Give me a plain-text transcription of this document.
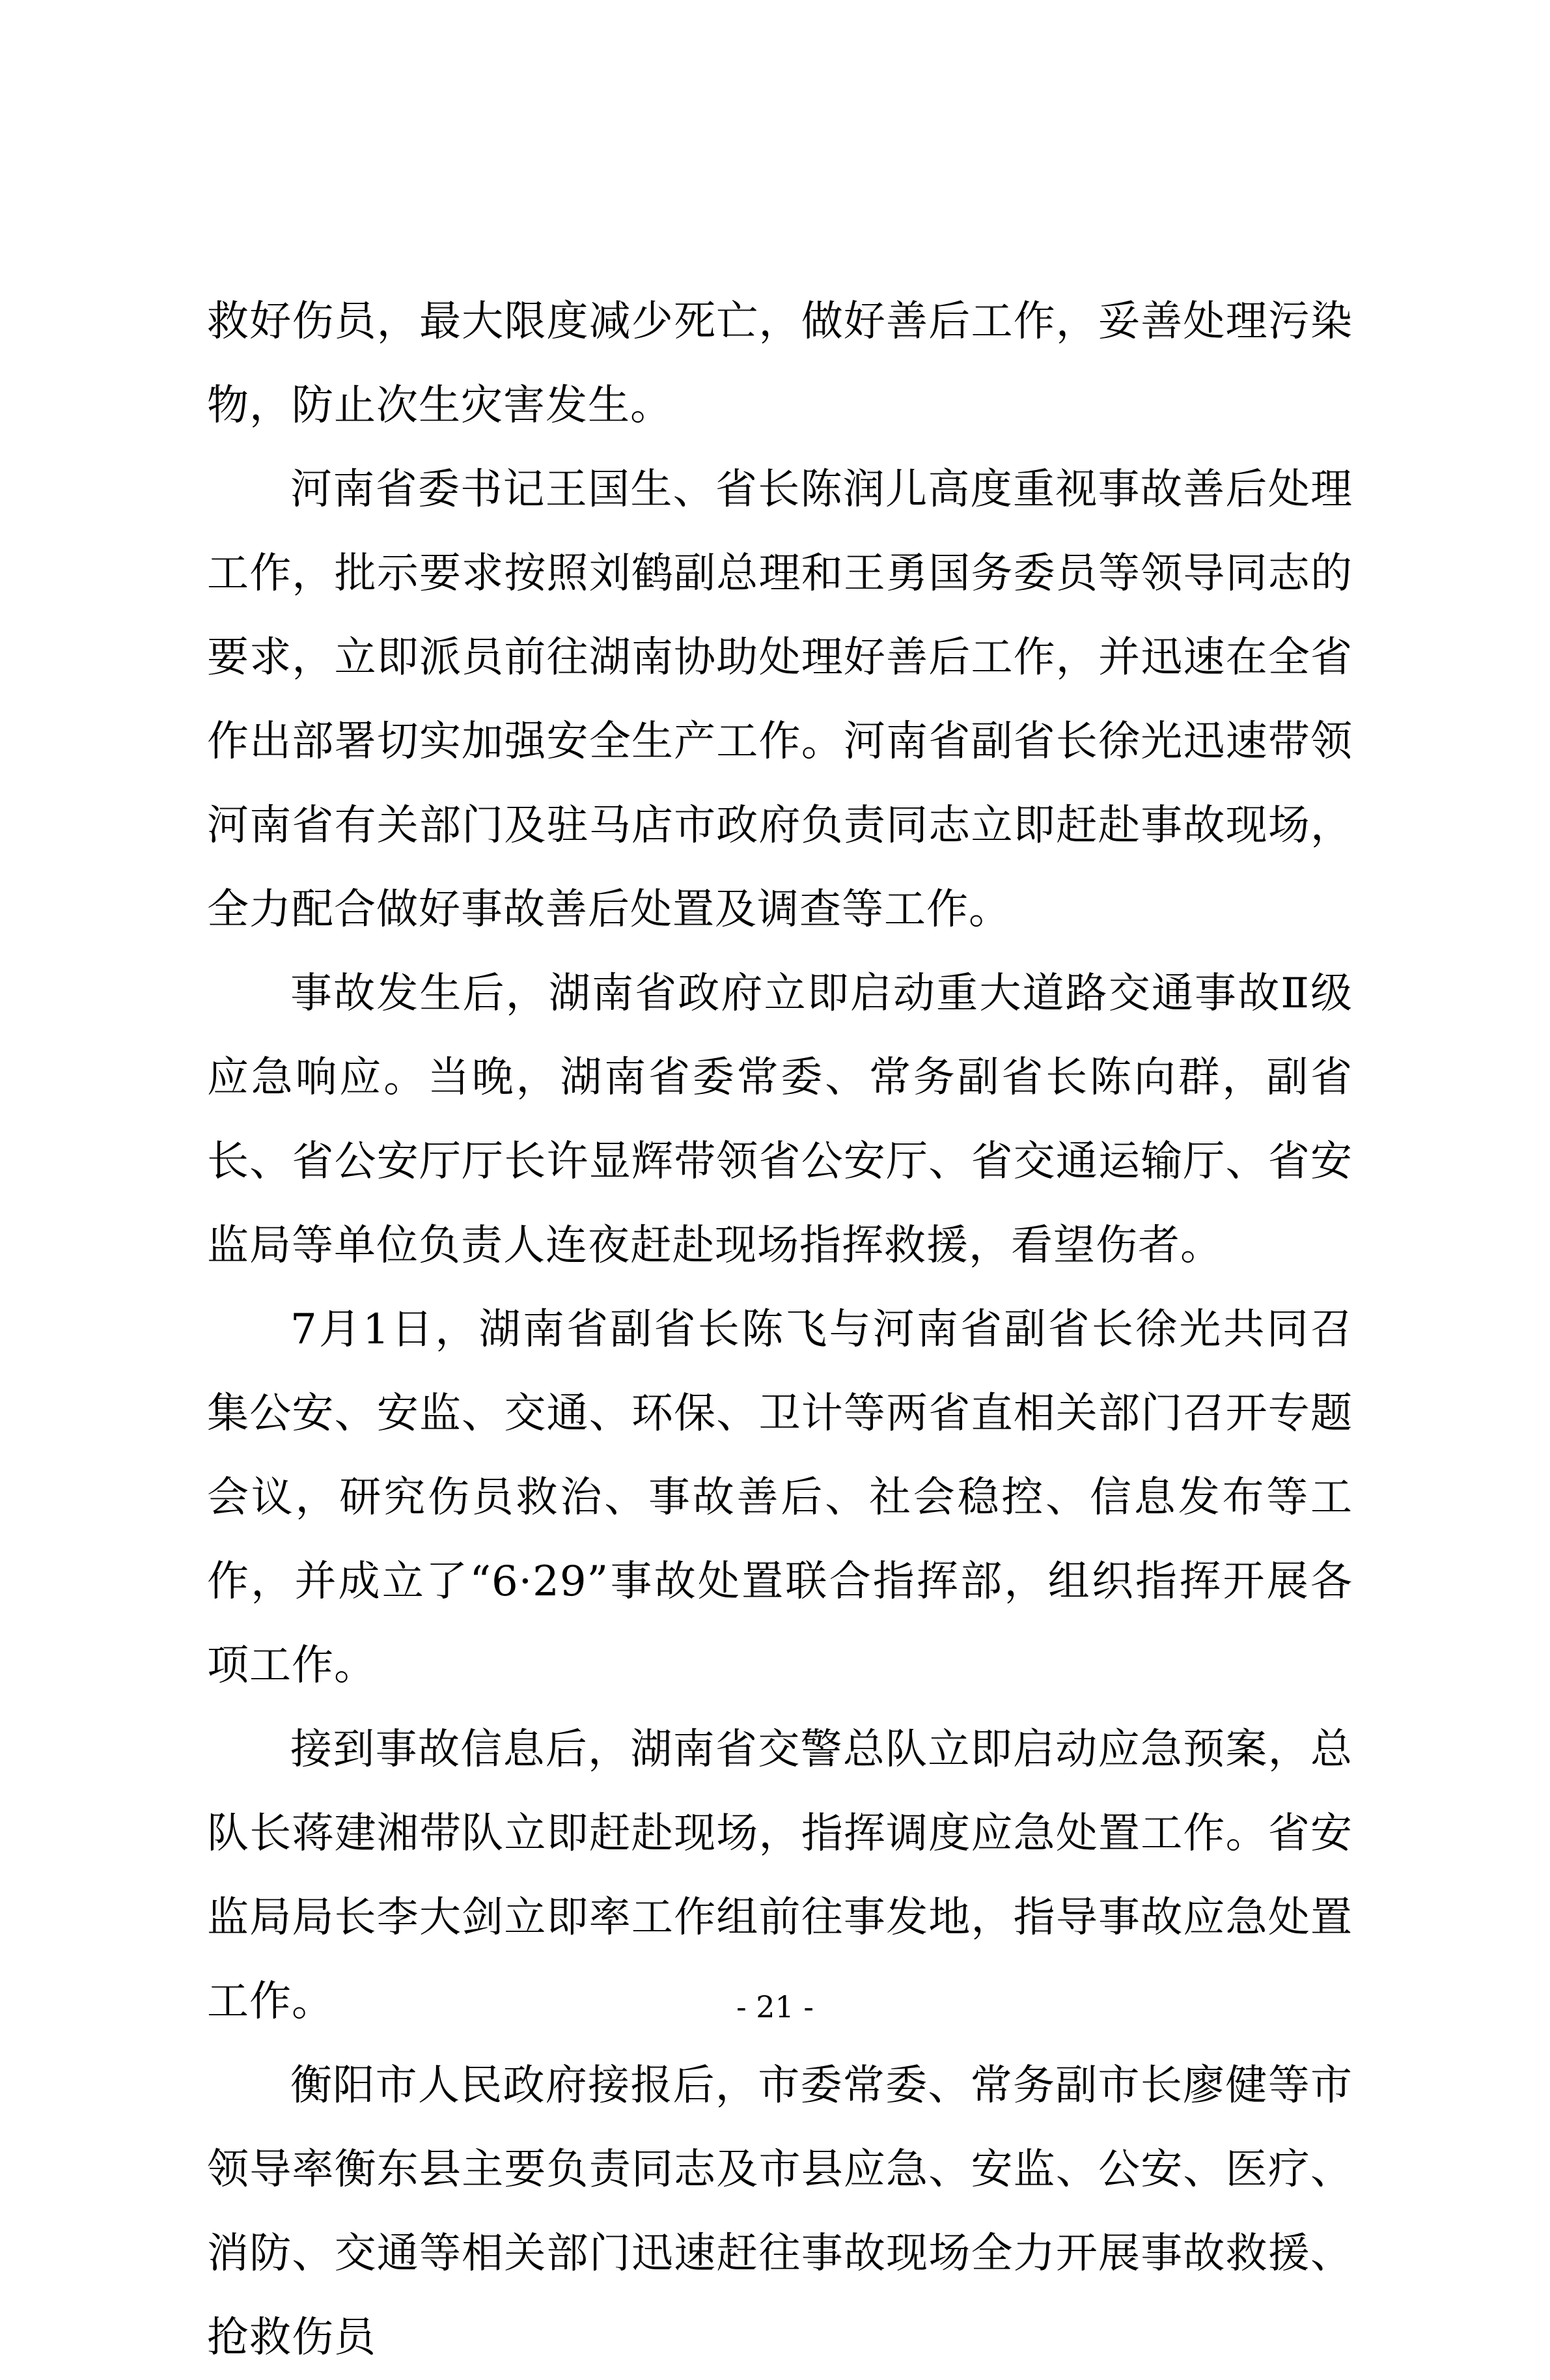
救好伤员，最大限度减少死亡，做好善后工作，妥善处理污染物，防止次生灾害发生。

河南省委书记王国生、省长陈润儿高度重视事故善后处理工作，批示要求按照刘鹤副总理和王勇国务委员等领导同志的要求，立即派员前往湖南协助处理好善后工作，并迅速在全省作出部署切实加强安全生产工作。河南省副省长徐光迅速带领河南省有关部门及驻马店市政府负责同志立即赶赴事故现场，全力配合做好事故善后处置及调查等工作。

事故发生后，湖南省政府立即启动重大道路交通事故Ⅱ级应急响应。当晚，湖南省委常委、常务副省长陈向群，副省长、省公安厅厅长许显辉带领省公安厅、省交通运输厅、省安监局等单位负责人连夜赶赴现场指挥救援，看望伤者。

7月1日，湖南省副省长陈飞与河南省副省长徐光共同召集公安、安监、交通、环保、卫计等两省直相关部门召开专题会议，研究伤员救治、事故善后、社会稳控、信息发布等工作，并成立了“6·29”事故处置联合指挥部，组织指挥开展各项工作。

接到事故信息后，湖南省交警总队立即启动应急预案，总队长蒋建湘带队立即赶赴现场，指挥调度应急处置工作。省安监局局长李大剑立即率工作组前往事发地，指导事故应急处置工作。

衡阳市人民政府接报后，市委常委、常务副市长廖健等市领导率衡东县主要负责同志及市县应急、安监、公安、医疗、消防、交通等相关部门迅速赶往事故现场全力开展事故救援、抢救伤员

- 21 -
